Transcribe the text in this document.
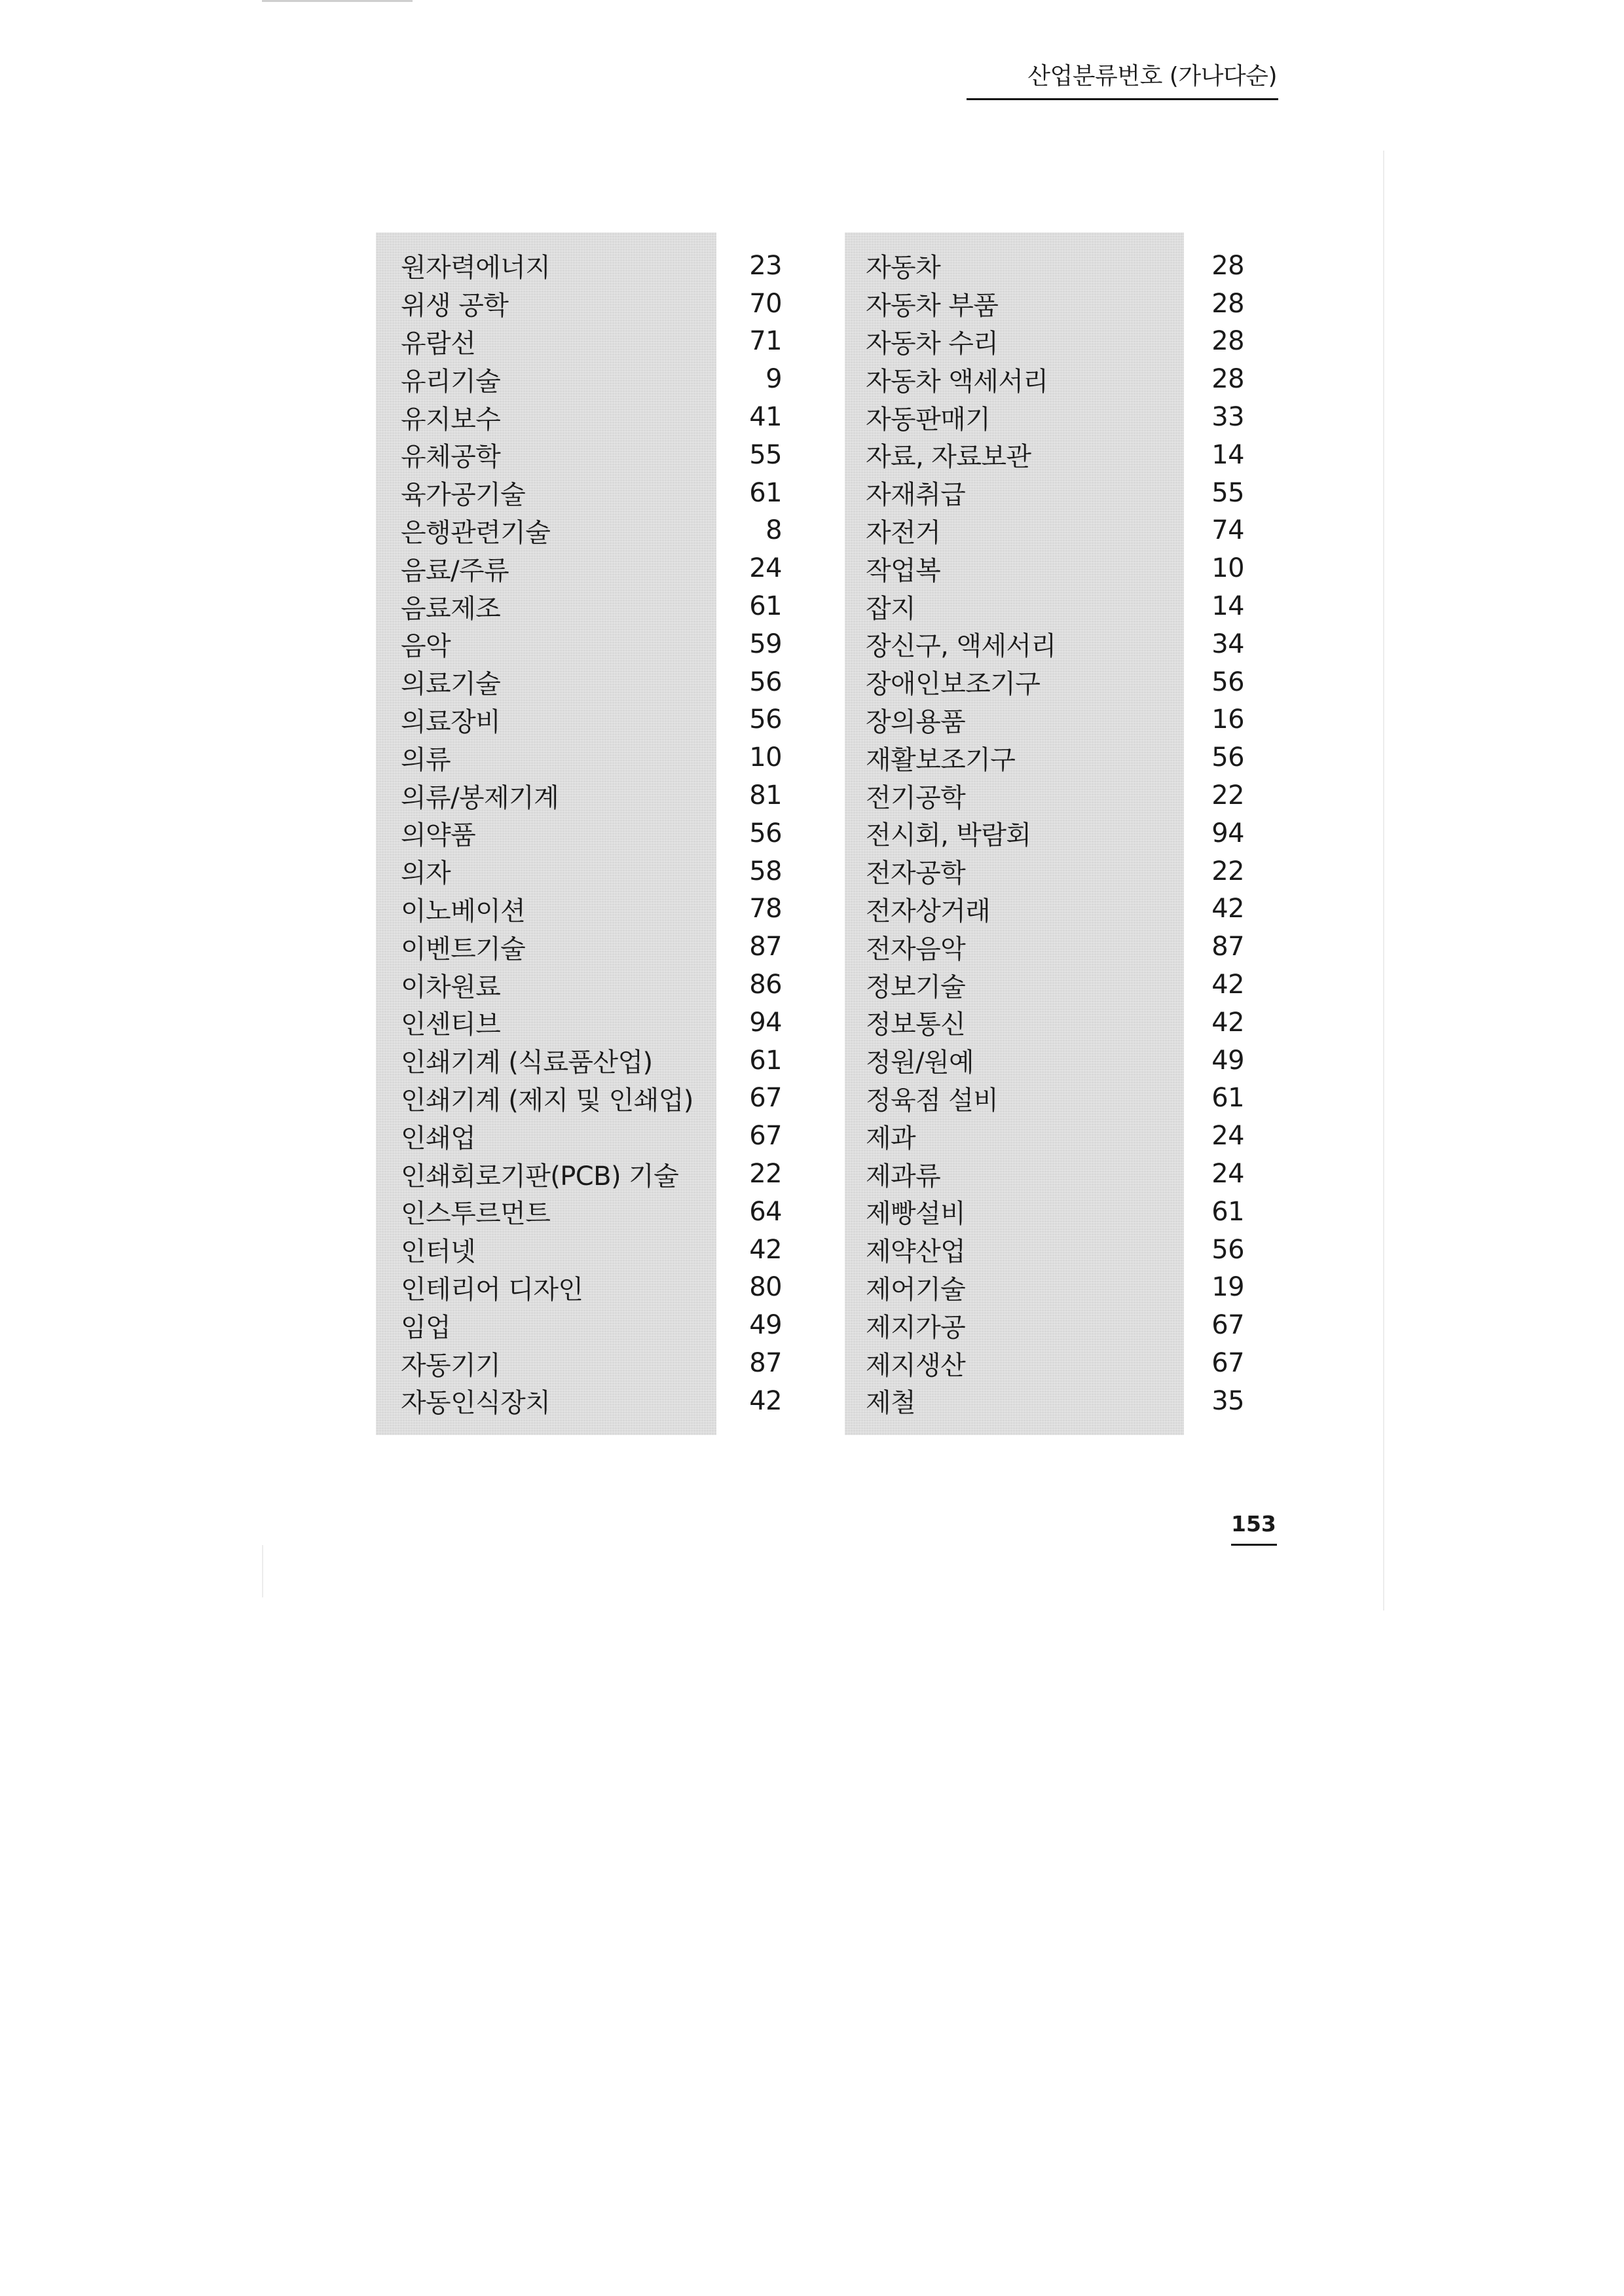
산업분류번호 (가나다순)
원자력에너지	23
위생 공학	70
유람선	71
유리기술	9
유지보수	41
유체공학	55
육가공기술	61
은행관련기술	8
음료/주류	24
음료제조	61
음악	59
의료기술	56
의료장비	56
의류	10
의류/봉제기계	81
의약품	56
의자	58
이노베이션	78
이벤트기술	87
이차원료	86
인센티브	94
인쇄기계 (식료품산업)	61
인쇄기계 (제지 및 인쇄업)	67
인쇄업	67
인쇄회로기판(PCB) 기술	22
인스투르먼트	64
인터넷	42
인테리어 디자인	80
임업	49
자동기기	87
자동인식장치	42
자동차	28
자동차 부품	28
자동차 수리	28
자동차 액세서리	28
자동판매기	33
자료, 자료보관	14
자재취급	55
자전거	74
작업복	10
잡지	14
장신구, 액세서리	34
장애인보조기구	56
장의용품	16
재활보조기구	56
전기공학	22
전시회, 박람회	94
전자공학	22
전자상거래	42
전자음악	87
정보기술	42
정보통신	42
정원/원예	49
정육점 설비	61
제과	24
제과류	24
제빵설비	61
제약산업	56
제어기술	19
제지가공	67
제지생산	67
제철	35
153
